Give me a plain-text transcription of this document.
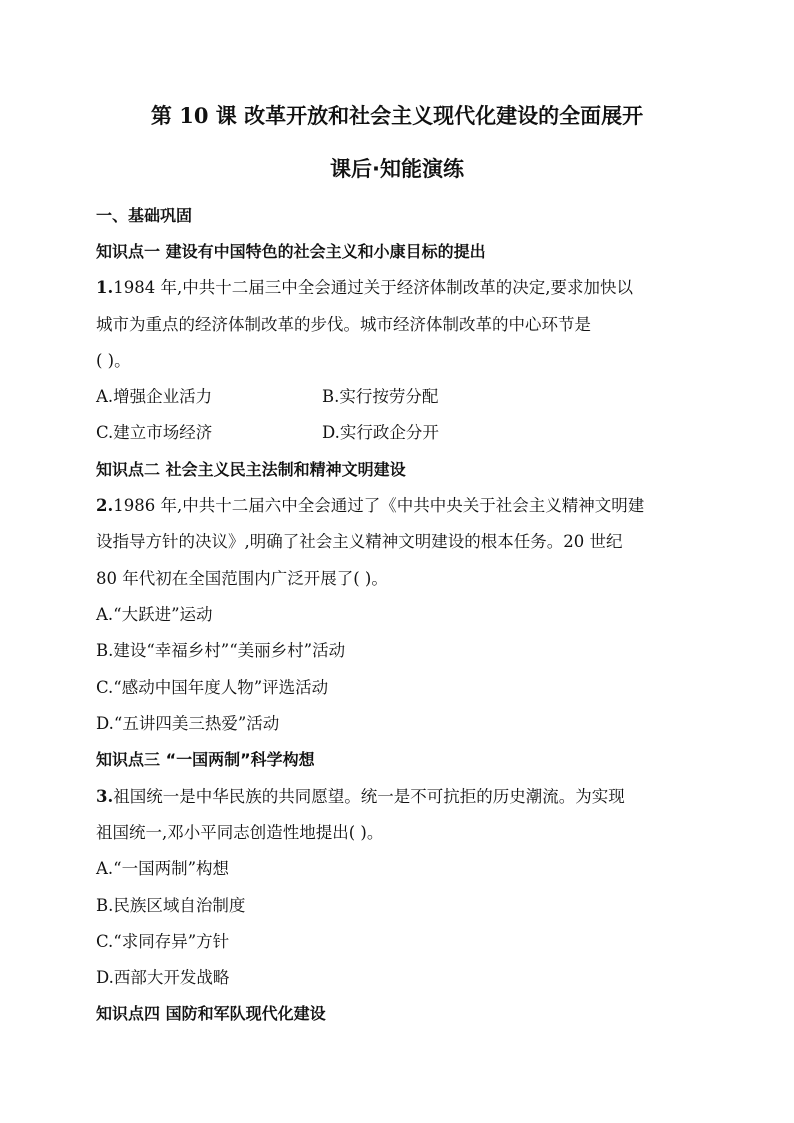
第 10 课 改革开放和社会主义现代化建设的全面展开
课后·知能演练
一、基础巩固
知识点一 建设有中国特色的社会主义和小康目标的提出
1.1984 年,中共十二届三中全会通过关于经济体制改革的决定,要求加快以
城市为重点的经济体制改革的步伐。城市经济体制改革的中心环节是
( )。
A.增强企业活力	B.实行按劳分配
C.建立市场经济	D.实行政企分开
知识点二 社会主义民主法制和精神文明建设
2.1986 年,中共十二届六中全会通过了《中共中央关于社会主义精神文明建
设指导方针的决议》,明确了社会主义精神文明建设的根本任务。20 世纪
80 年代初在全国范围内广泛开展了( )。
A.“大跃进”运动
B.建设“幸福乡村”“美丽乡村”活动
C.“感动中国年度人物”评选活动
D.“五讲四美三热爱”活动
知识点三 “一国两制”科学构想
3.祖国统一是中华民族的共同愿望。统一是不可抗拒的历史潮流。为实现
祖国统一,邓小平同志创造性地提出( )。
A.“一国两制”构想
B.民族区域自治制度
C.“求同存异”方针
D.西部大开发战略
知识点四 国防和军队现代化建设
